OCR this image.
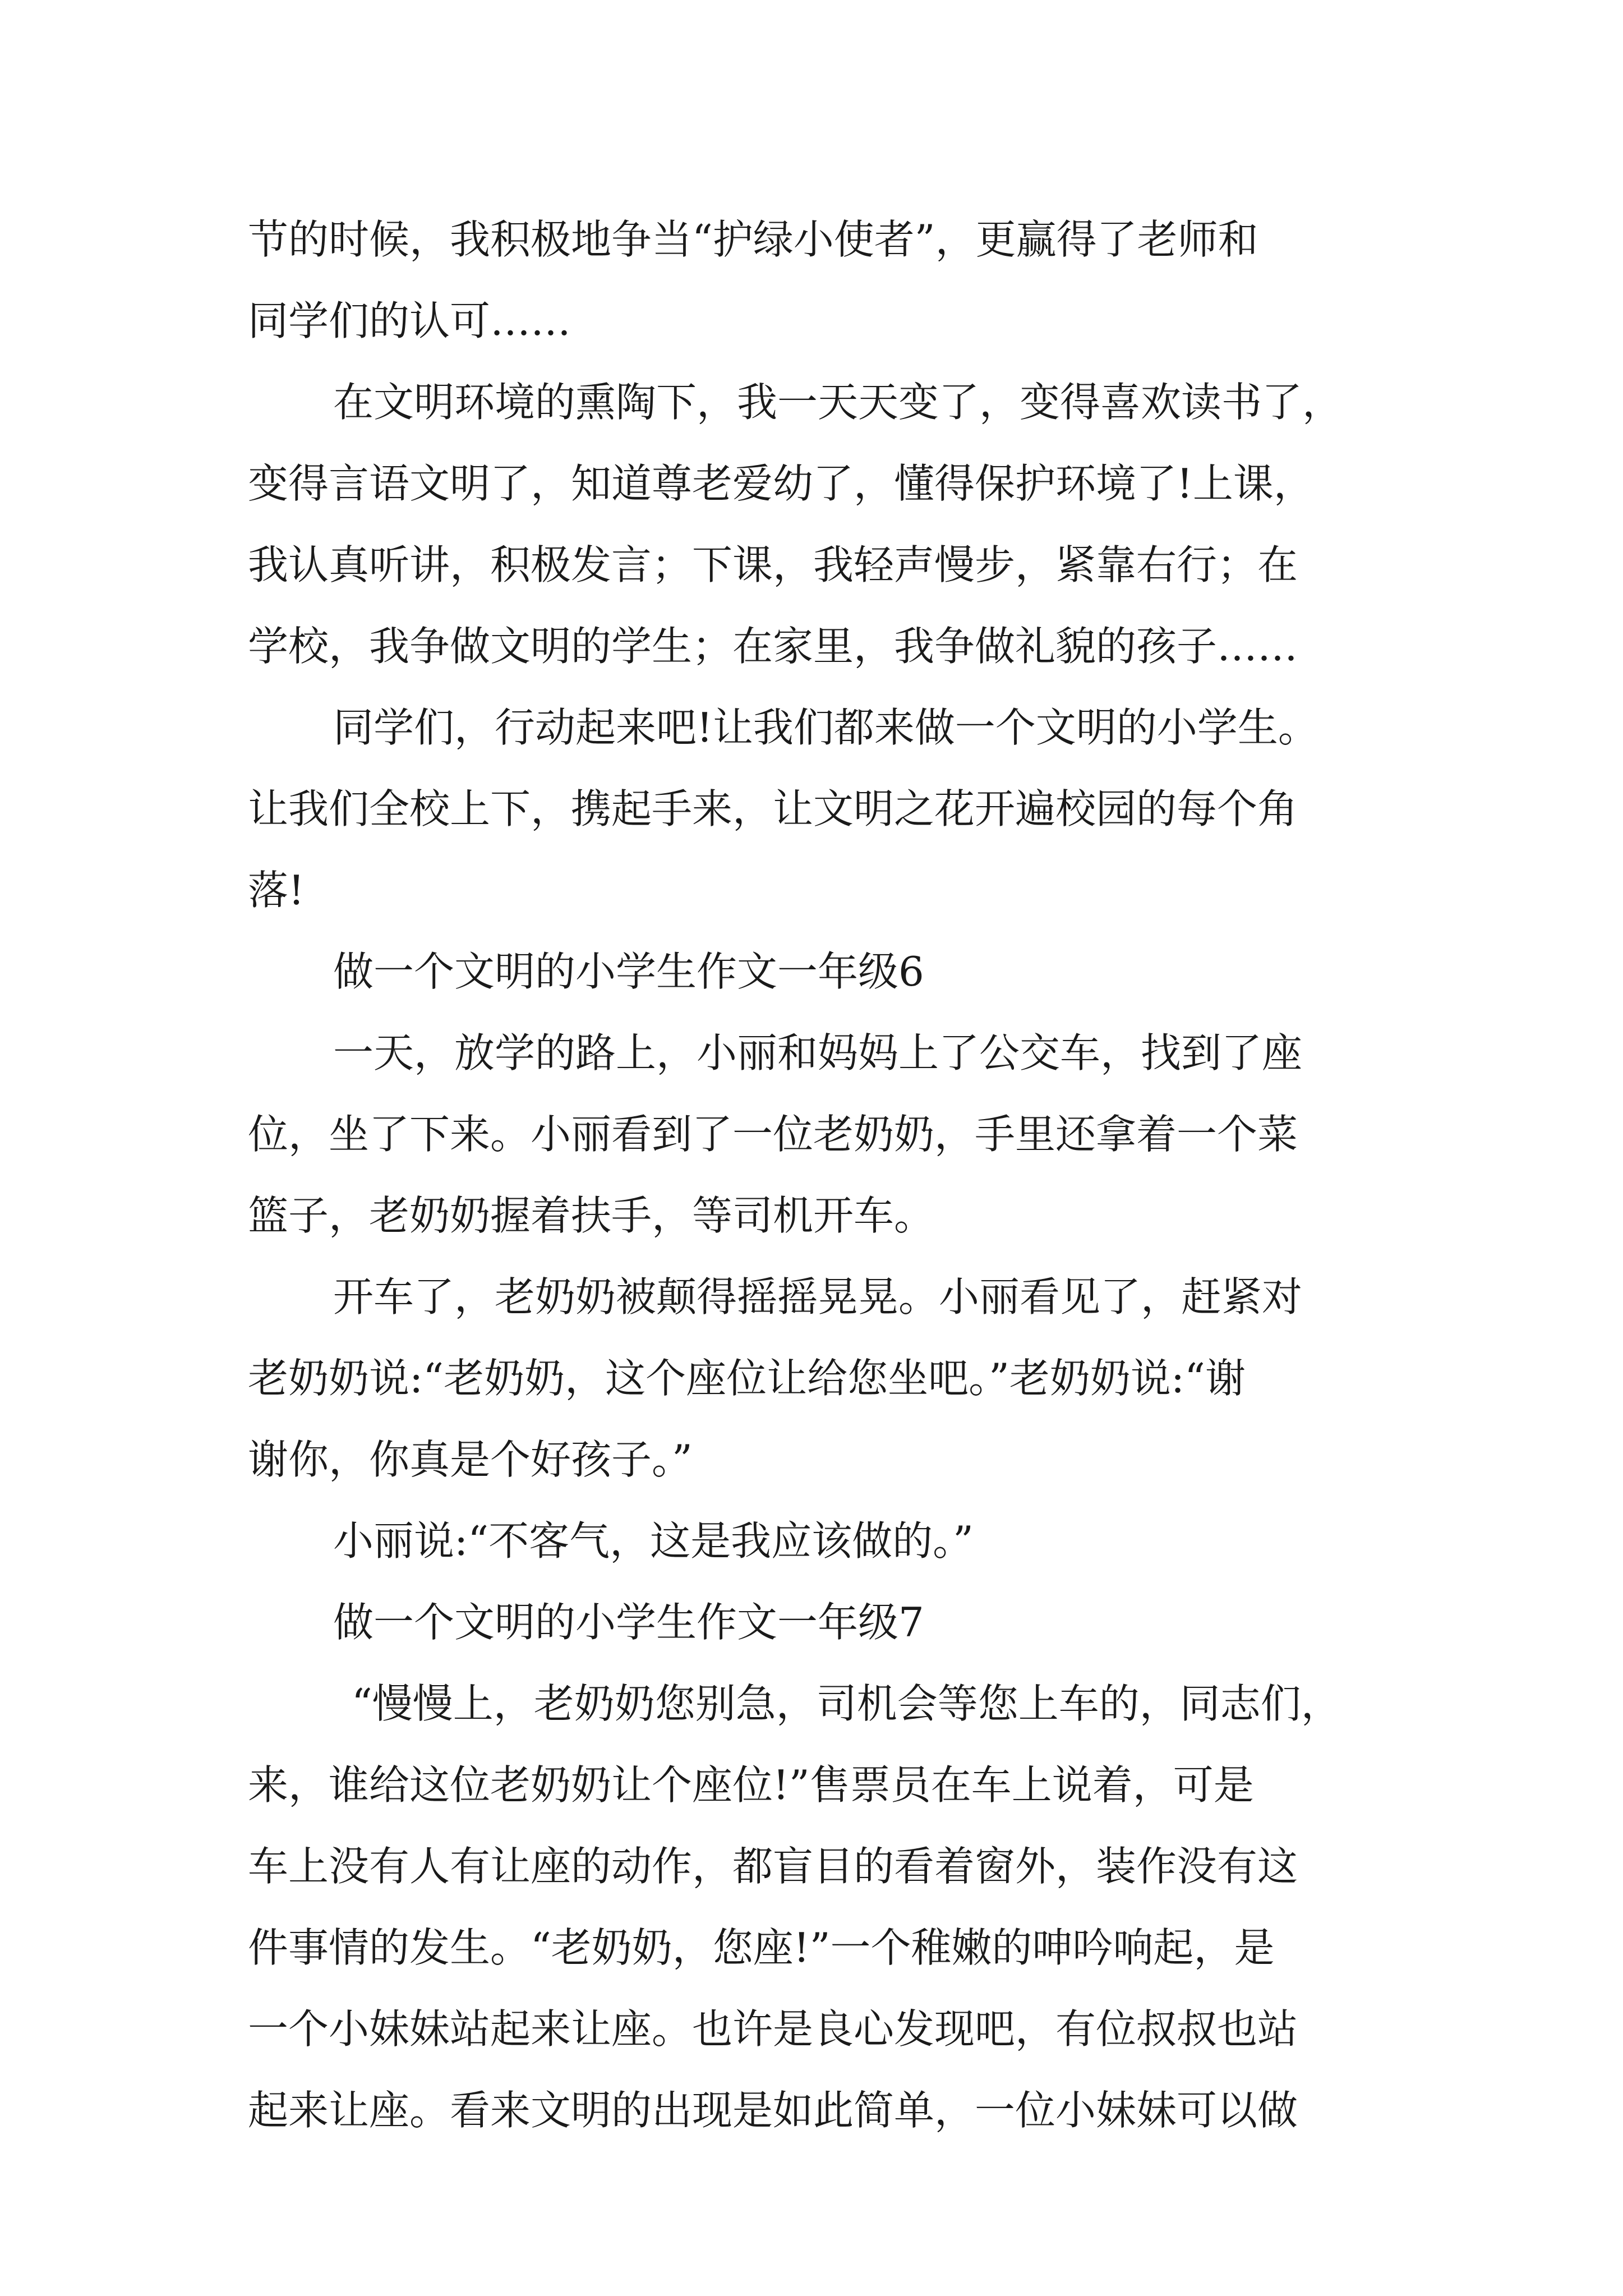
节的时候，我积极地争当“护绿小使者”，更赢得了老师和
同学们的认可……
在文明环境的熏陶下，我一天天变了，变得喜欢读书了，
变得言语文明了，知道尊老爱幼了，懂得保护环境了!上课，
我认真听讲，积极发言；下课，我轻声慢步，紧靠右行；在
学校，我争做文明的学生；在家里，我争做礼貌的孩子……
同学们，行动起来吧!让我们都来做一个文明的小学生。
让我们全校上下，携起手来，让文明之花开遍校园的每个角
落!
做一个文明的小学生作文一年级6
一天，放学的路上，小丽和妈妈上了公交车，找到了座
位，坐了下来。小丽看到了一位老奶奶，手里还拿着一个菜
篮子，老奶奶握着扶手，等司机开车。
开车了，老奶奶被颠得摇摇晃晃。小丽看见了，赶紧对
老奶奶说:“老奶奶，这个座位让给您坐吧。”老奶奶说:“谢
谢你，你真是个好孩子。”
小丽说:“不客气，这是我应该做的。”
做一个文明的小学生作文一年级7
“慢慢上，老奶奶您别急，司机会等您上车的，同志们，
来，谁给这位老奶奶让个座位!”售票员在车上说着，可是
车上没有人有让座的动作，都盲目的看着窗外，装作没有这
件事情的发生。“老奶奶，您座!”一个稚嫩的呻吟响起，是
一个小妹妹站起来让座。也许是良心发现吧，有位叔叔也站
起来让座。看来文明的出现是如此简单，一位小妹妹可以做
